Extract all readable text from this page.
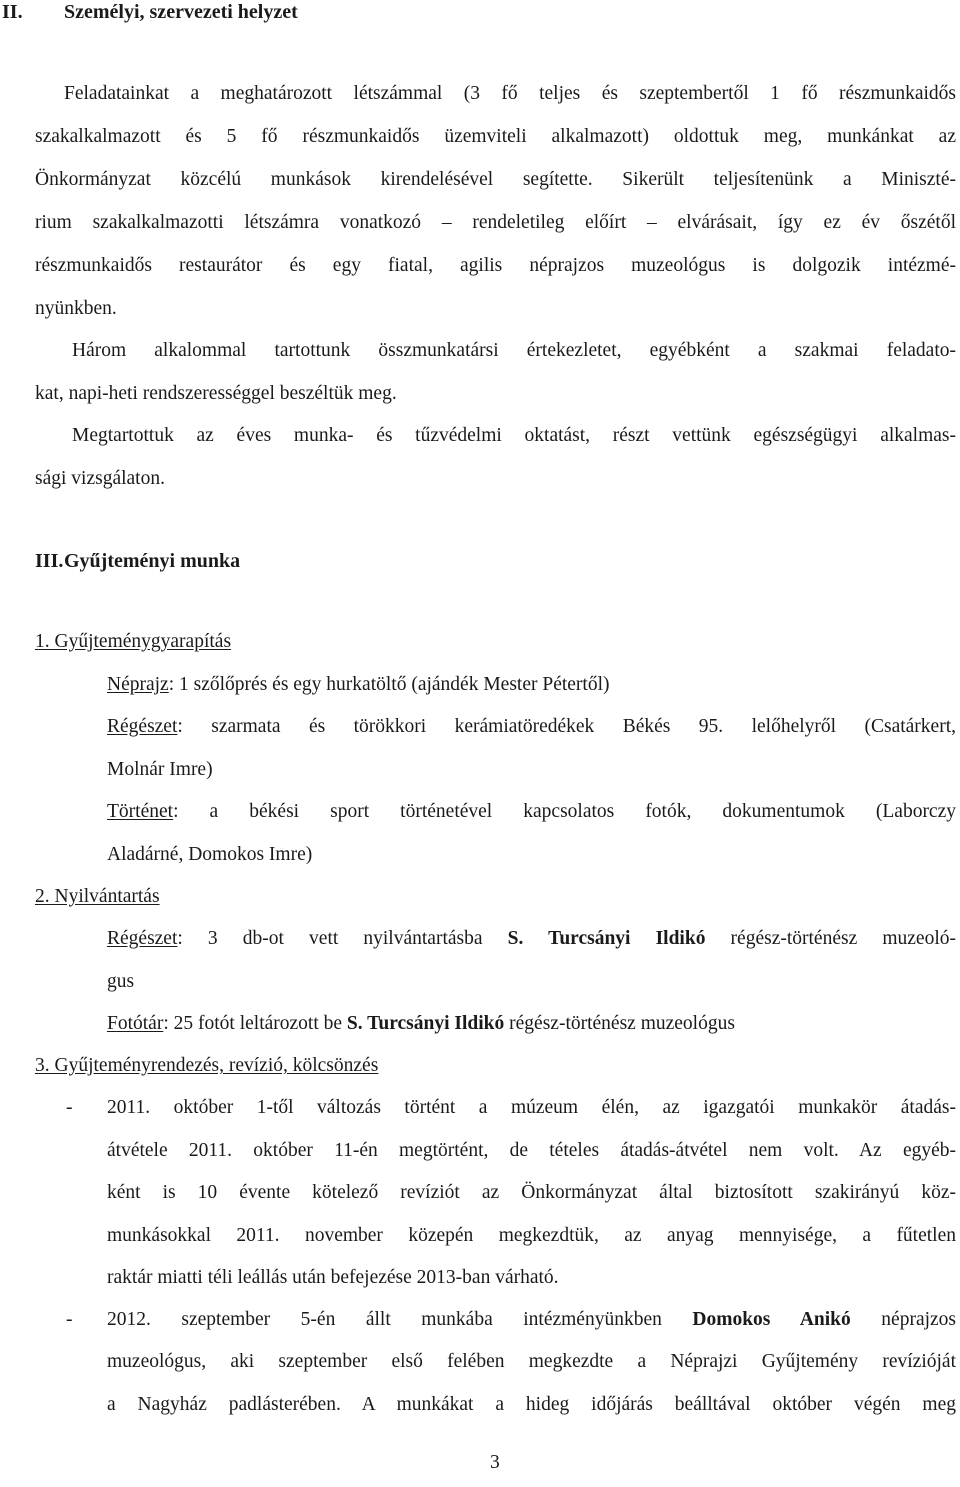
II. Személyi, szervezeti helyzet
Feladatainkat a meghatározott létszámmal (3 fő teljes és szeptembertől 1 fő részmunkaidős
szakalkalmazott és 5 fő részmunkaidős üzemviteli alkalmazott) oldottuk meg, munkánkat az
Önkormányzat közcélú munkások kirendelésével segítette. Sikerült teljesítenünk a Miniszté-
rium szakalkalmazotti létszámra vonatkozó – rendeletileg előírt – elvárásait, így ez év őszétől
részmunkaidős restaurátor és egy fiatal, agilis néprajzos muzeológus is dolgozik intézmé-
nyünkben.
Három alkalommal tartottunk összmunkatársi értekezletet, egyébként a szakmai feladato-
kat, napi-heti rendszerességgel beszéltük meg.
Megtartottuk az éves munka- és tűzvédelmi oktatást, részt vettünk egészségügyi alkalmas-
sági vizsgálaton.
III. Gyűjteményi munka
1. Gyűjteménygyarapítás
Néprajz: 1 szőlőprés és egy hurkatöltő (ajándék Mester Pétertől)
Régészet: szarmata és törökkori kerámiatöredékek Békés 95. lelőhelyről (Csatárkert,
Molnár Imre)
Történet: a békési sport történetével kapcsolatos fotók, dokumentumok (Laborczy
Aladárné, Domokos Imre)
2. Nyilvántartás
Régészet: 3 db-ot vett nyilvántartásba S. Turcsányi Ildikó régész-történész muzeoló-
gus
Fotótár: 25 fotót leltározott be S. Turcsányi Ildikó régész-történész muzeológus
3. Gyűjteményrendezés, revízió, kölcsönzés
- 2011. október 1-től változás történt a múzeum élén, az igazgatói munkakör átadás-
átvétele 2011. október 11-én megtörtént, de tételes átadás-átvétel nem volt. Az egyéb-
ként is 10 évente kötelező revíziót az Önkormányzat által biztosított szakirányú köz-
munkásokkal 2011. november közepén megkezdtük, az anyag mennyisége, a fűtetlen
raktár miatti téli leállás után befejezése 2013-ban várható.
- 2012. szeptember 5-én állt munkába intézményünkben Domokos Anikó néprajzos
muzeológus, aki szeptember első felében megkezdte a Néprajzi Gyűjtemény revízióját
a Nagyház padlásterében. A munkákat a hideg időjárás beálltával október végén meg
3
